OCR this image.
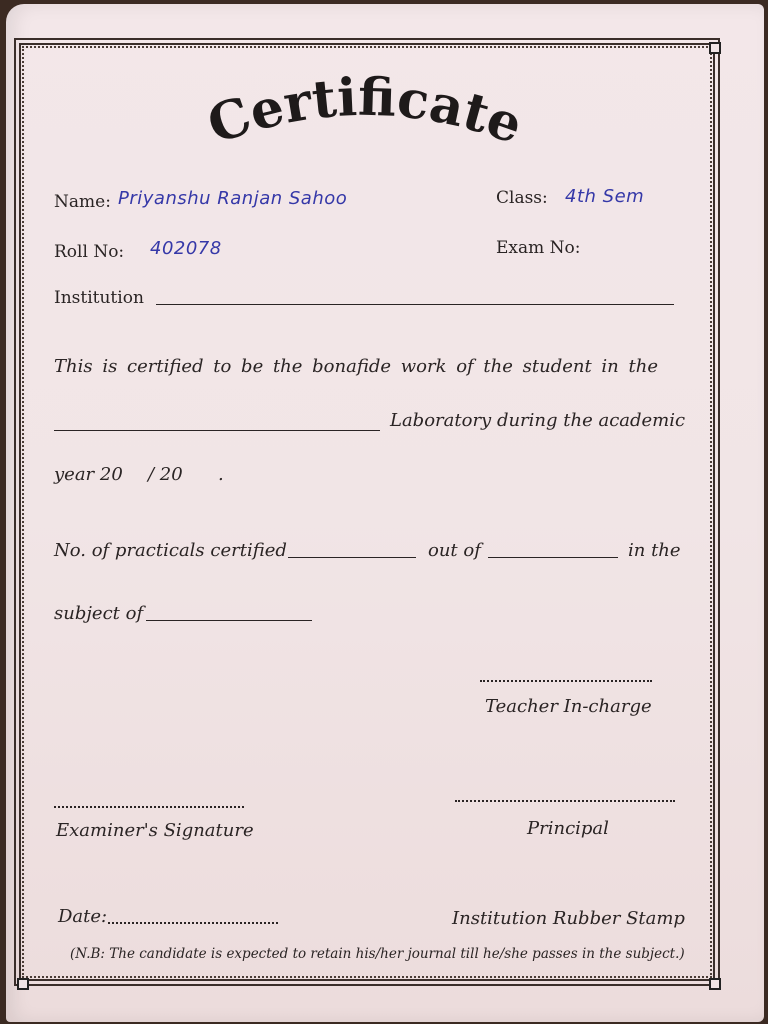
Certificate
Name: Priyanshu Ranjan Sahoo	Class: 4th Sem
Roll No: 402078	Exam No:
Institution
This is certified to be the bonafide work of the student in the
Laboratory during the academic
year 20 / 20 .
No. of practicals certified	out of	in the
subject of
Teacher In-charge
Examiner's Signature	Principal
Date:	Institution Rubber Stamp
(N.B: The candidate is expected to retain his/her journal till he/she passes in the subject.)
